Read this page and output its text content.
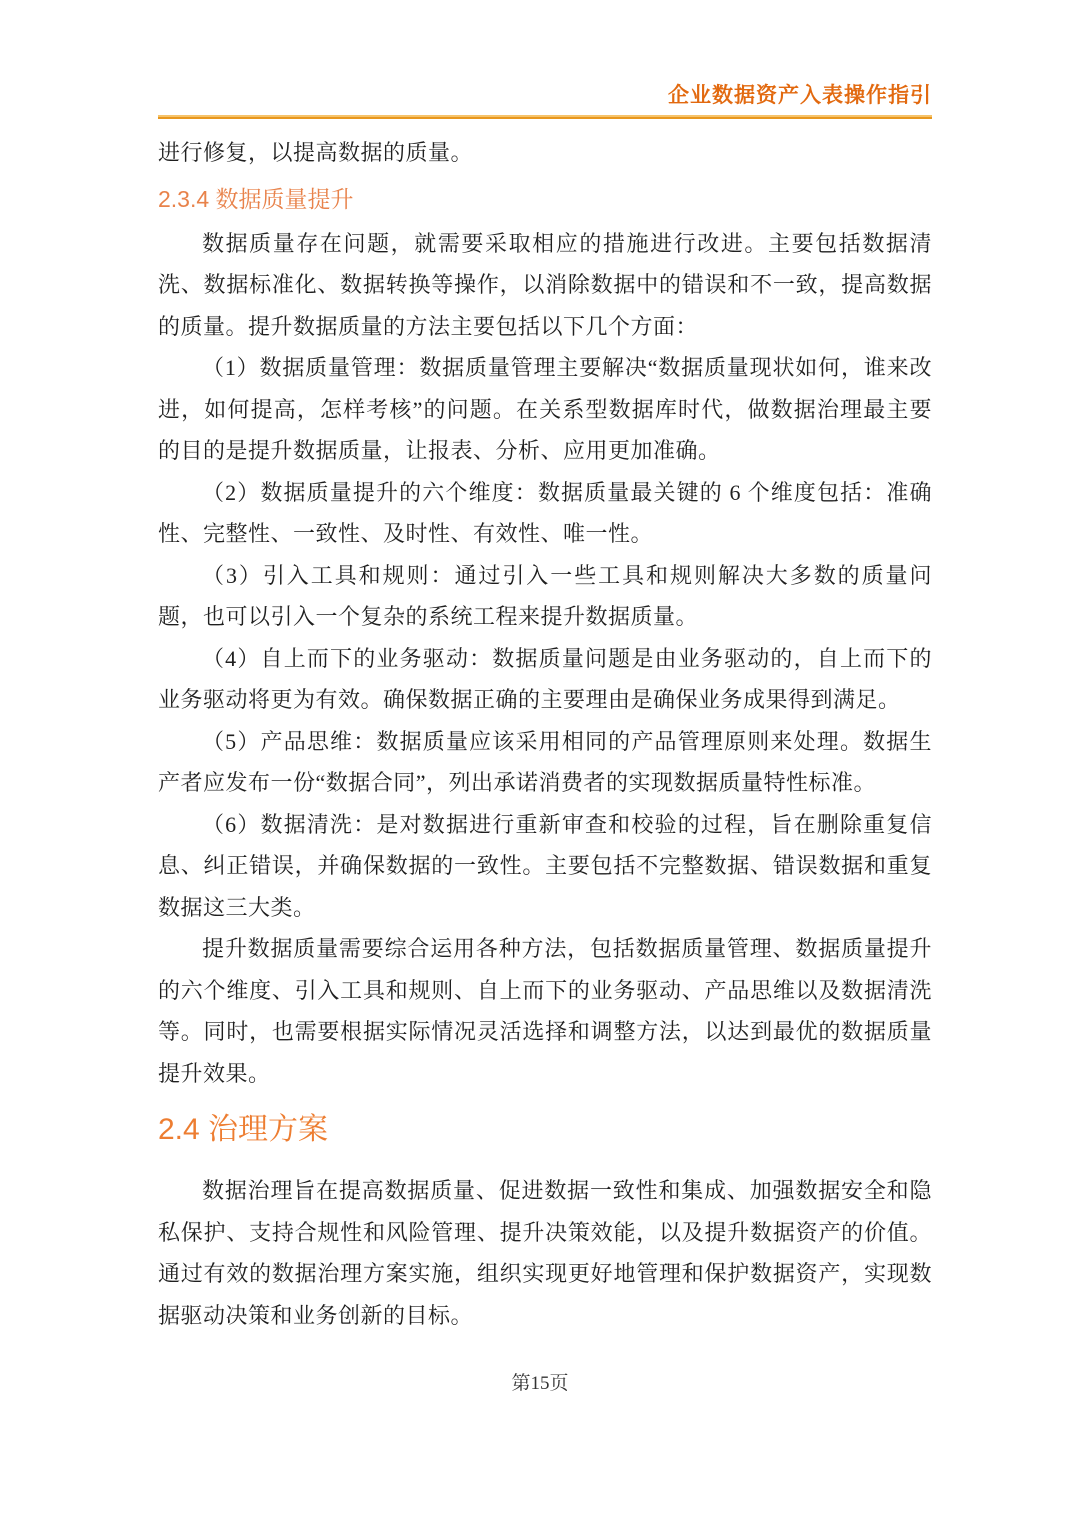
企业数据资产入表操作指引

进行修复，以提高数据的质量。

2.3.4 数据质量提升

数据质量存在问题，就需要采取相应的措施进行改进。主要包括数据清洗、数据标准化、数据转换等操作，以消除数据中的错误和不一致，提高数据的质量。提升数据质量的方法主要包括以下几个方面：

（1）数据质量管理：数据质量管理主要解决“数据质量现状如何，谁来改进，如何提高，怎样考核”的问题。在关系型数据库时代，做数据治理最主要的目的是提升数据质量，让报表、分析、应用更加准确。

（2）数据质量提升的六个维度：数据质量最关键的 6 个维度包括：准确性、完整性、一致性、及时性、有效性、唯一性。

（3）引入工具和规则：通过引入一些工具和规则解决大多数的质量问题，也可以引入一个复杂的系统工程来提升数据质量。

（4）自上而下的业务驱动：数据质量问题是由业务驱动的，自上而下的业务驱动将更为有效。确保数据正确的主要理由是确保业务成果得到满足。

（5）产品思维：数据质量应该采用相同的产品管理原则来处理。数据生产者应发布一份“数据合同”，列出承诺消费者的实现数据质量特性标准。

（6）数据清洗：是对数据进行重新审查和校验的过程，旨在删除重复信息、纠正错误，并确保数据的一致性。主要包括不完整数据、错误数据和重复数据这三大类。

提升数据质量需要综合运用各种方法，包括数据质量管理、数据质量提升的六个维度、引入工具和规则、自上而下的业务驱动、产品思维以及数据清洗等。同时，也需要根据实际情况灵活选择和调整方法，以达到最优的数据质量提升效果。

2.4 治理方案

数据治理旨在提高数据质量、促进数据一致性和集成、加强数据安全和隐私保护、支持合规性和风险管理、提升决策效能，以及提升数据资产的价值。通过有效的数据治理方案实施，组织实现更好地管理和保护数据资产，实现数据驱动决策和业务创新的目标。

第15页
